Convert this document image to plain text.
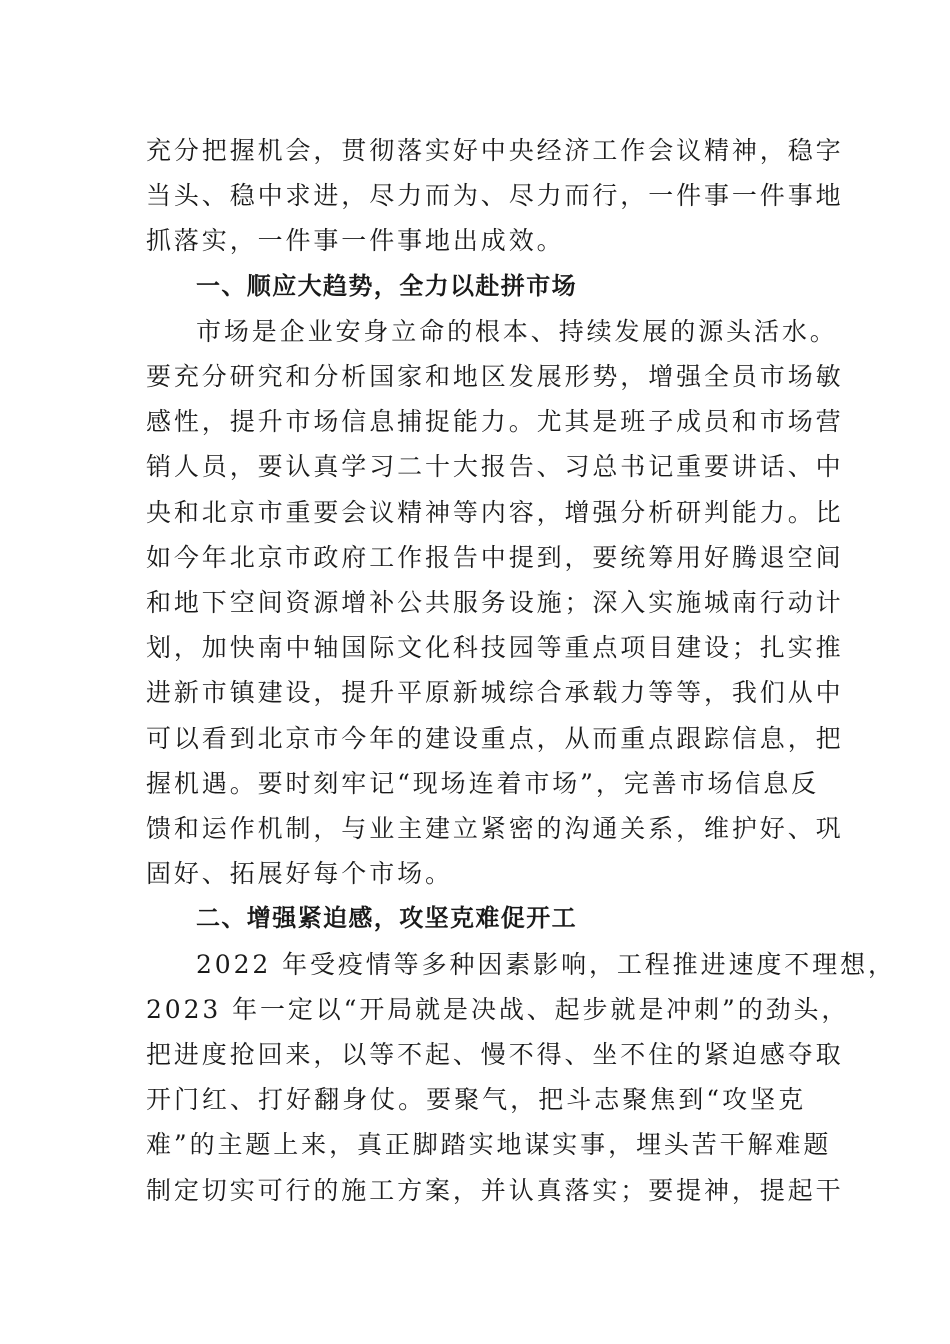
充分把握机会，贯彻落实好中央经济工作会议精神，稳字
当头、稳中求进，尽力而为、尽力而行，一件事一件事地
抓落实，一件事一件事地出成效。
一、顺应大趋势，全力以赴拼市场
市场是企业安身立命的根本、持续发展的源头活水。
要充分研究和分析国家和地区发展形势，增强全员市场敏
感性，提升市场信息捕捉能力。尤其是班子成员和市场营
销人员，要认真学习二十大报告、习总书记重要讲话、中
央和北京市重要会议精神等内容，增强分析研判能力。比
如今年北京市政府工作报告中提到，要统筹用好腾退空间
和地下空间资源增补公共服务设施；深入实施城南行动计
划，加快南中轴国际文化科技园等重点项目建设；扎实推
进新市镇建设，提升平原新城综合承载力等等，我们从中
可以看到北京市今年的建设重点，从而重点跟踪信息，把
握机遇。要时刻牢记“现场连着市场”，完善市场信息反
馈和运作机制，与业主建立紧密的沟通关系，维护好、巩
固好、拓展好每个市场。
二、增强紧迫感，攻坚克难促开工
2022 年受疫情等多种因素影响，工程推进速度不理想，
2023 年一定以“开局就是决战、起步就是冲刺”的劲头，
把进度抢回来，以等不起、慢不得、坐不住的紧迫感夺取
开门红、打好翻身仗。要聚气，把斗志聚焦到“攻坚克
难”的主题上来，真正脚踏实地谋实事，埋头苦干解难题
制定切实可行的施工方案，并认真落实；要提神，提起干
